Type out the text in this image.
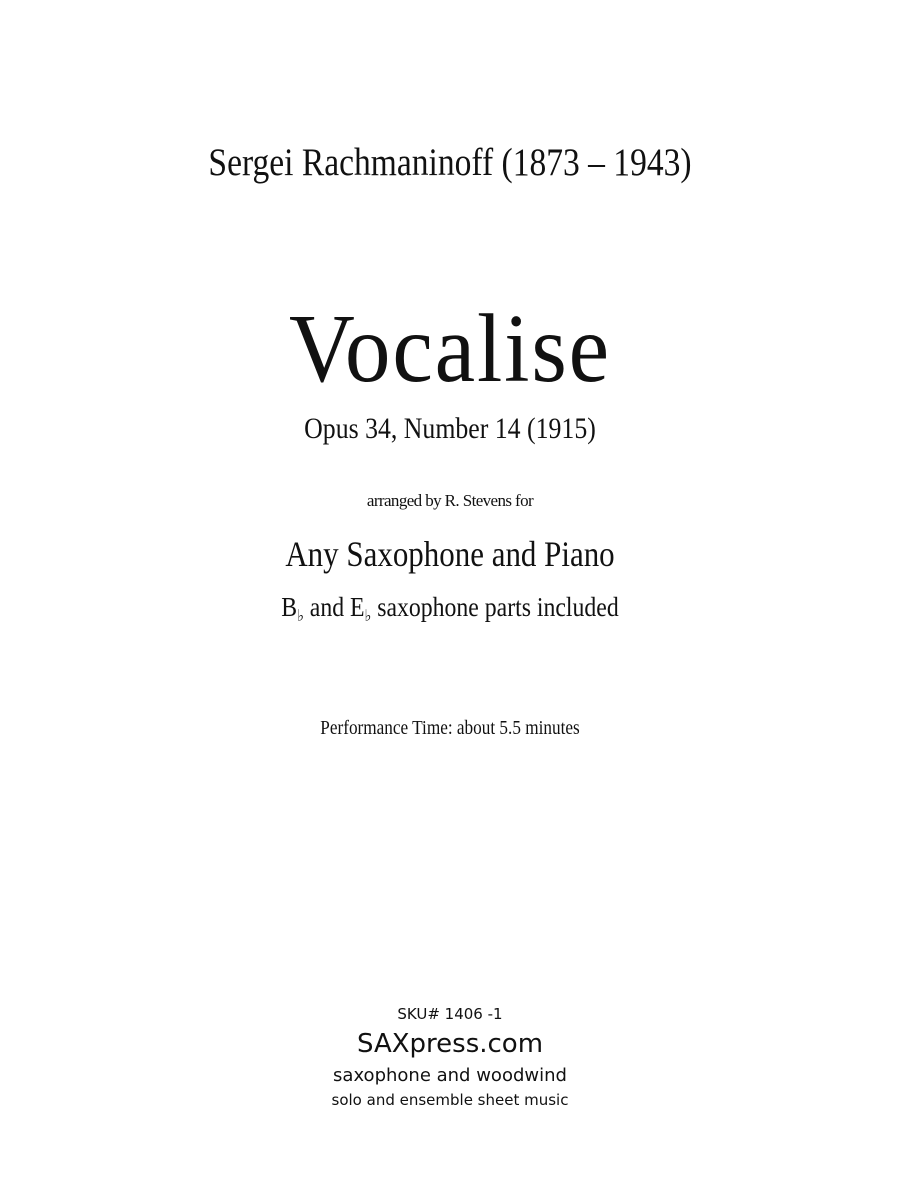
Sergei Rachmaninoff (1873 – 1943)
Vocalise
Opus 34, Number 14 (1915)
arranged by R. Stevens for
Any Saxophone and Piano
B♭ and E♭ saxophone parts included
Performance Time: about 5.5 minutes
SKU# 1406 -1
SAXpress.com
saxophone and woodwind
solo and ensemble sheet music
